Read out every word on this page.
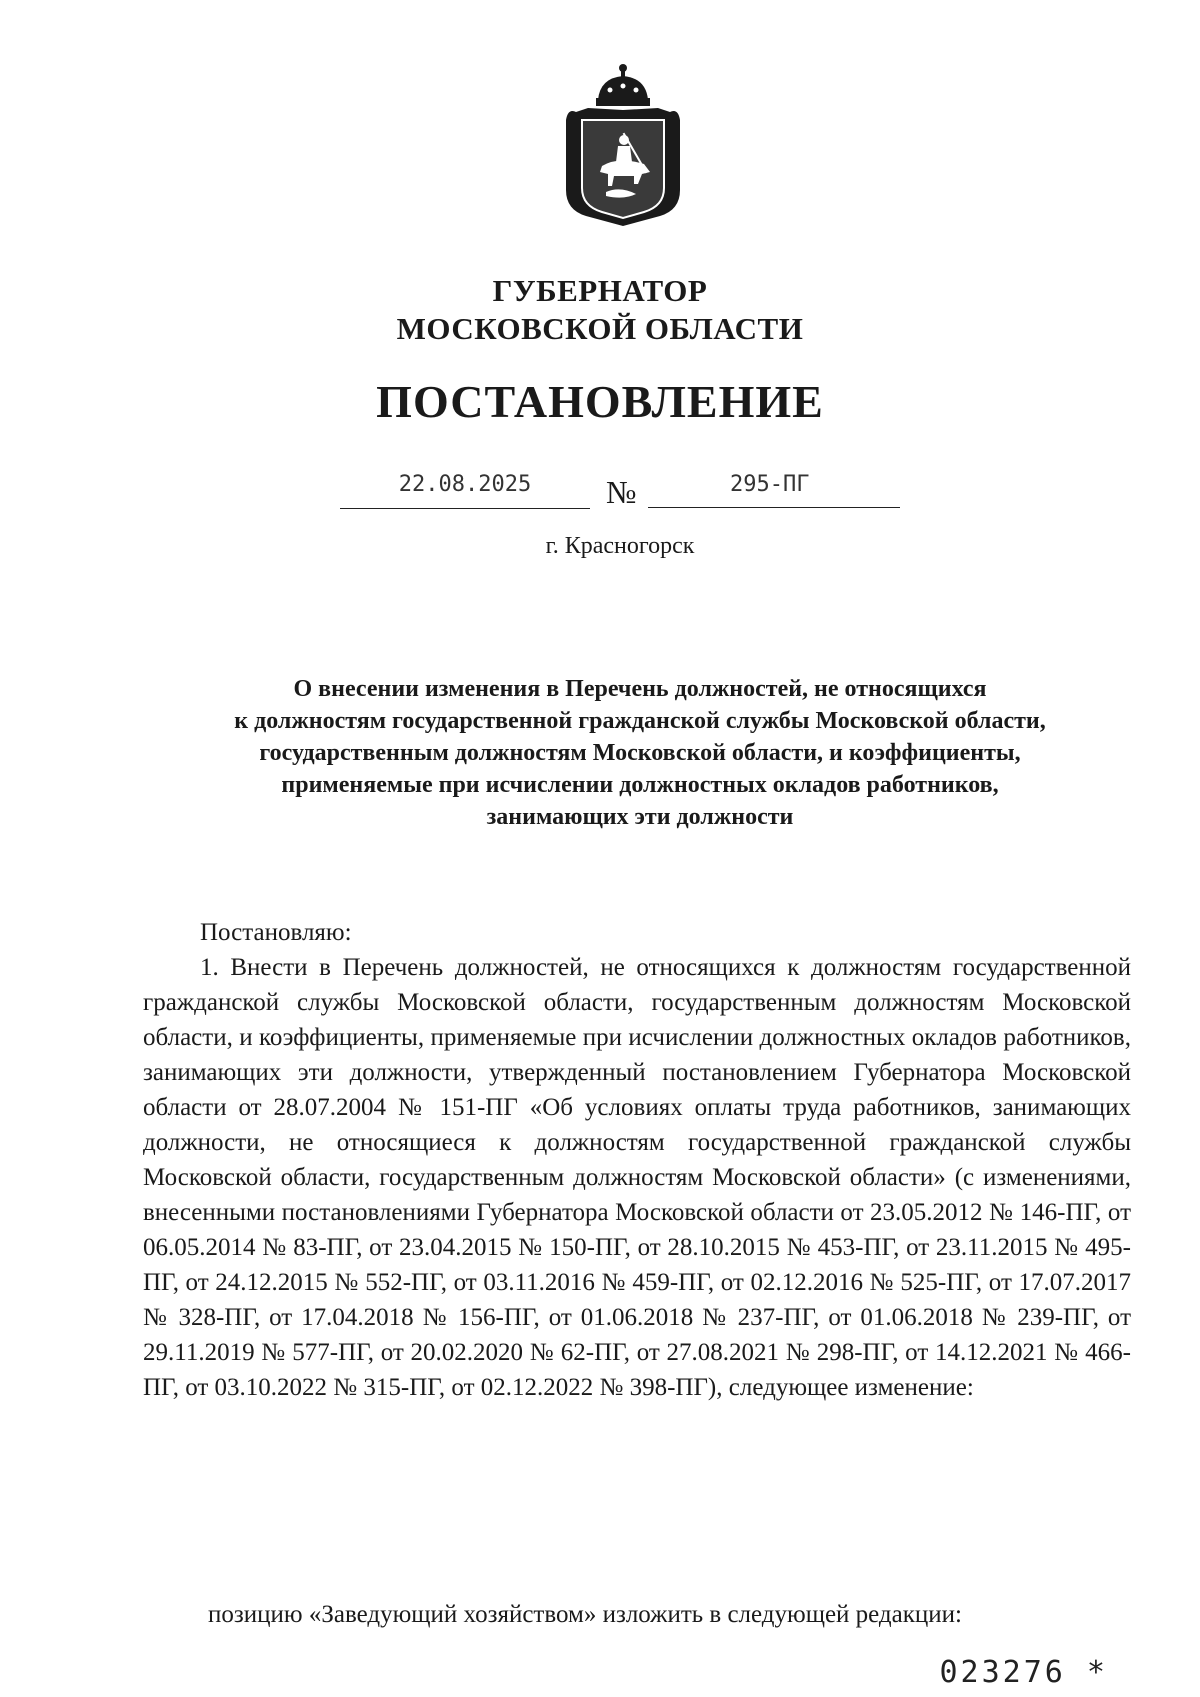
ГУБЕРНАТОР
МОСКОВСКОЙ ОБЛАСТИ
ПОСТАНОВЛЕНИЕ
22.08.2025	№	295-ПГ
г. Красногорск
О внесении изменения в Перечень должностей, не относящихся
к должностям государственной гражданской службы Московской области,
государственным должностям Московской области, и коэффициенты,
применяемые при исчислении должностных окладов работников,
занимающих эти должности

Постановляю:

1. Внести в Перечень должностей, не относящихся к должностям государственной гражданской службы Московской области, государственным должностям Московской области, и коэффициенты, применяемые при исчислении должностных окладов работников, занимающих эти должности, утвержденный постановлением Губернатора Московской области от 28.07.2004 № 151-ПГ «Об условиях оплаты труда работников, занимающих должности, не относящиеся к должностям государственной гражданской службы Московской области, государственным должностям Московской области» (с изменениями, внесенными постановлениями Губернатора Московской области от 23.05.2012 № 146-ПГ, от 06.05.2014 № 83-ПГ, от 23.04.2015 № 150-ПГ, от 28.10.2015 № 453-ПГ, от 23.11.2015 № 495-ПГ, от 24.12.2015 № 552-ПГ, от 03.11.2016 № 459-ПГ, от 02.12.2016 № 525-ПГ, от 17.07.2017 № 328-ПГ, от 17.04.2018 № 156-ПГ, от 01.06.2018 № 237-ПГ, от 01.06.2018 № 239-ПГ, от 29.11.2019 № 577-ПГ, от 20.02.2020 № 62-ПГ, от 27.08.2021 № 298-ПГ, от 14.12.2021 № 466-ПГ, от 03.10.2022 № 315-ПГ, от 02.12.2022 № 398-ПГ), следующее изменение:

позицию «Заведующий хозяйством» изложить в следующей редакции:
023276 *
